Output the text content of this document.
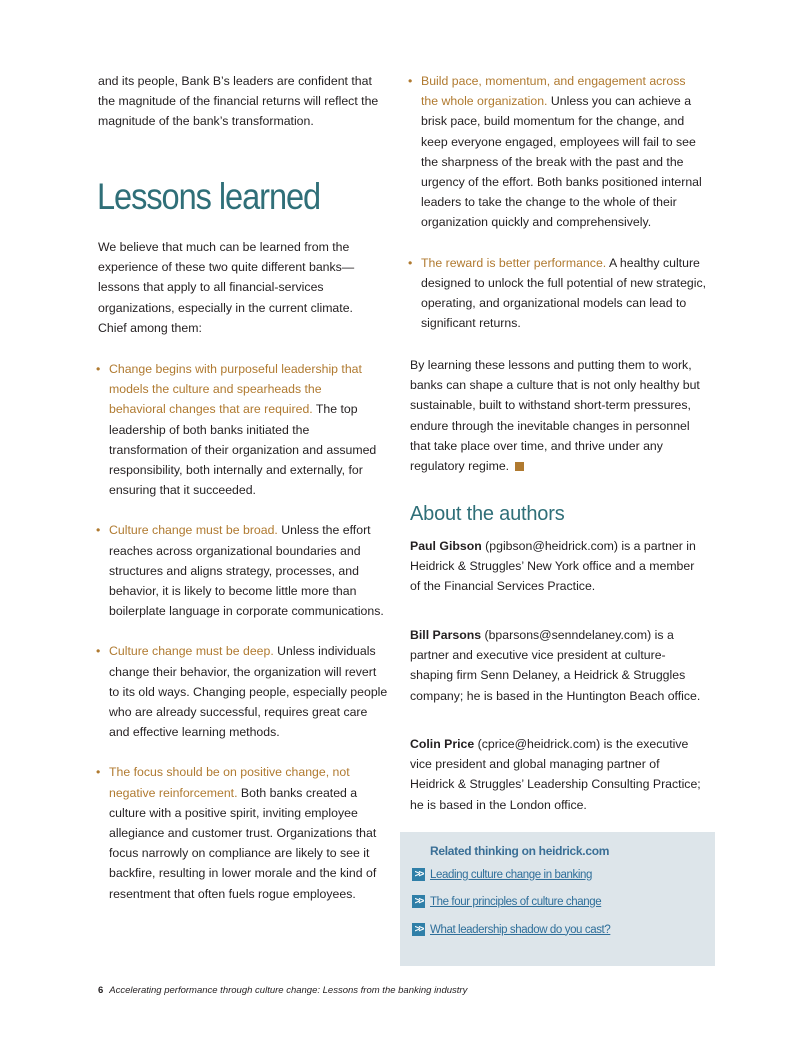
and its people, Bank B’s leaders are confident that the magnitude of the financial returns will reflect the magnitude of the bank’s transformation.

Lessons learned

We believe that much can be learned from the experience of these two quite different banks—lessons that apply to all financial-services organizations, especially in the current climate. Chief among them:

• Change begins with purposeful leadership that models the culture and spearheads the behavioral changes that are required. The top leadership of both banks initiated the transformation of their organization and assumed responsibility, both internally and externally, for ensuring that it succeeded.
• Culture change must be broad. Unless the effort reaches across organizational boundaries and structures and aligns strategy, processes, and behavior, it is likely to become little more than boilerplate language in corporate communications.
• Culture change must be deep. Unless individuals change their behavior, the organization will revert to its old ways. Changing people, especially people who are already successful, requires great care and effective learning methods.
• The focus should be on positive change, not negative reinforcement. Both banks created a culture with a positive spirit, inviting employee allegiance and customer trust. Organizations that focus narrowly on compliance are likely to see it backfire, resulting in lower morale and the kind of resentment that often fuels rogue employees.
• Build pace, momentum, and engagement across the whole organization. Unless you can achieve a brisk pace, build momentum for the change, and keep everyone engaged, employees will fail to see the sharpness of the break with the past and the urgency of the effort. Both banks positioned internal leaders to take the change to the whole of their organization quickly and comprehensively.
• The reward is better performance. A healthy culture designed to unlock the full potential of new strategic, operating, and organizational models can lead to significant returns.

By learning these lessons and putting them to work, banks can shape a culture that is not only healthy but sustainable, built to withstand short-term pressures, endure through the inevitable changes in personnel that take place over time, and thrive under any regulatory regime.

About the authors

Paul Gibson (pgibson@heidrick.com) is a partner in Heidrick & Struggles’ New York office and a member of the Financial Services Practice.

Bill Parsons (bparsons@senndelaney.com) is a partner and executive vice president at culture-shaping firm Senn Delaney, a Heidrick & Struggles company; he is based in the Huntington Beach office.

Colin Price (cprice@heidrick.com) is the executive vice president and global managing partner of Heidrick & Struggles’ Leadership Consulting Practice; he is based in the London office.

Related thinking on heidrick.com
>> Leading culture change in banking
>> The four principles of culture change
>> What leadership shadow do you cast?
6 Accelerating performance through culture change: Lessons from the banking industry
